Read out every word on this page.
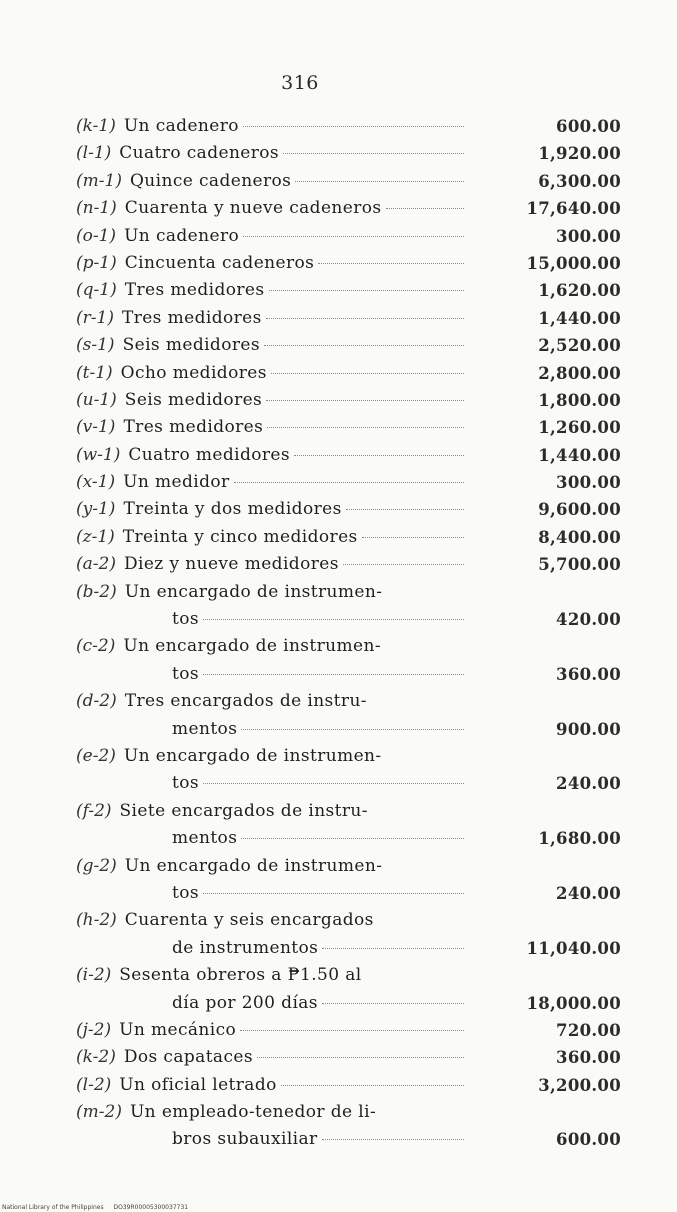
316
(k-1) Un cadenero	600.00
(l-1) Cuatro cadeneros	1,920.00
(m-1) Quince cadeneros	6,300.00
(n-1) Cuarenta y nueve cadeneros	17,640.00
(o-1) Un cadenero	300.00
(p-1) Cincuenta cadeneros	15,000.00
(q-1) Tres medidores	1,620.00
(r-1) Tres medidores	1,440.00
(s-1) Seis medidores	2,520.00
(t-1) Ocho medidores	2,800.00
(u-1) Seis medidores	1,800.00
(v-1) Tres medidores	1,260.00
(w-1) Cuatro medidores	1,440.00
(x-1) Un medidor	300.00
(y-1) Treinta y dos medidores	9,600.00
(z-1) Treinta y cinco medidores	8,400.00
(a-2) Diez y nueve medidores	5,700.00
(b-2) Un encargado de instrumen-
tos	420.00
(c-2) Un encargado de instrumen-
tos	360.00
(d-2) Tres encargados de instru-
mentos	900.00
(e-2) Un encargado de instrumen-
tos	240.00
(f-2) Siete encargados de instru-
mentos	1,680.00
(g-2) Un encargado de instrumen-
tos	240.00
(h-2) Cuarenta y seis encargados
de instrumentos	11,040.00
(i-2) Sesenta obreros a ₱1.50 al
día por 200 días	18,000.00
(j-2) Un mecánico	720.00
(k-2) Dos capataces	360.00
(l-2) Un oficial letrado	3,200.00
(m-2) Un empleado-tenedor de li-
bros subauxiliar	600.00
National Library of the Philippines DO39R00005300037731
